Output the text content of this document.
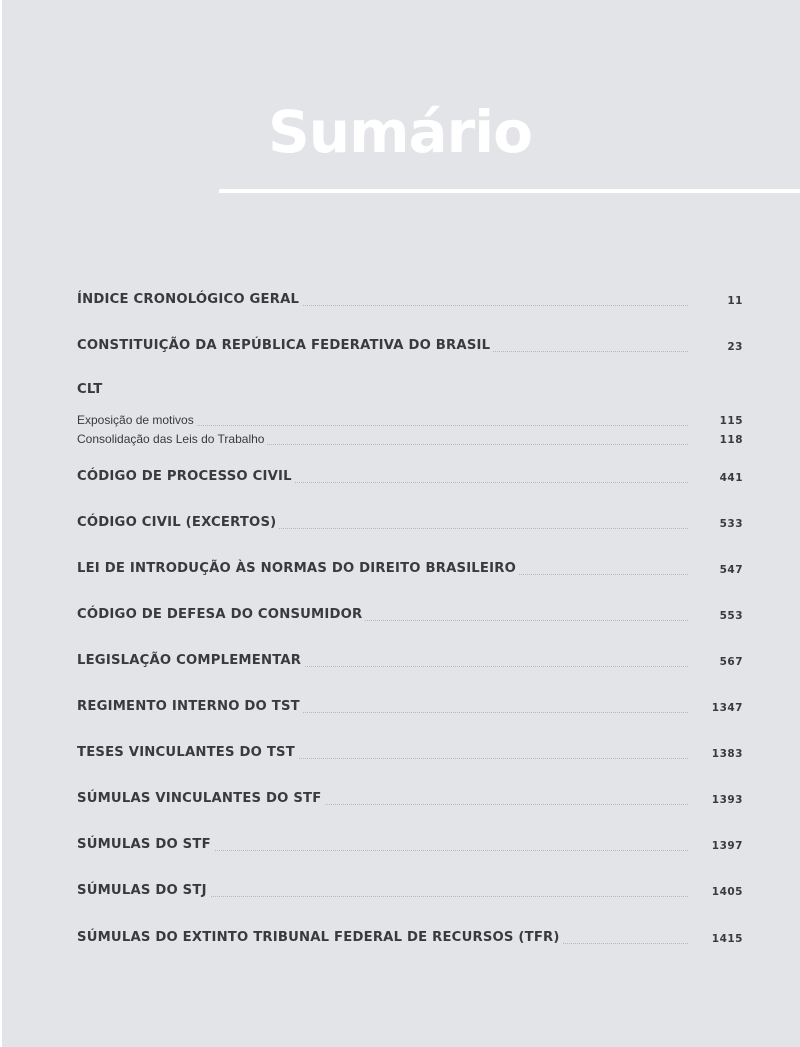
Sumário
ÍNDICE CRONOLÓGICO GERAL	11
CONSTITUIÇÃO DA REPÚBLICA FEDERATIVA DO BRASIL	23
CLT
Exposição de motivos	115
Consolidação das Leis do Trabalho	118
CÓDIGO DE PROCESSO CIVIL	441
CÓDIGO CIVIL (EXCERTOS)	533
LEI DE INTRODUÇÃO ÀS NORMAS DO DIREITO BRASILEIRO	547
CÓDIGO DE DEFESA DO CONSUMIDOR	553
LEGISLAÇÃO COMPLEMENTAR	567
REGIMENTO INTERNO DO TST	1347
TESES VINCULANTES DO TST	1383
SÚMULAS VINCULANTES DO STF	1393
SÚMULAS DO STF	1397
SÚMULAS DO STJ	1405
SÚMULAS DO EXTINTO TRIBUNAL FEDERAL DE RECURSOS (TFR)	1415
